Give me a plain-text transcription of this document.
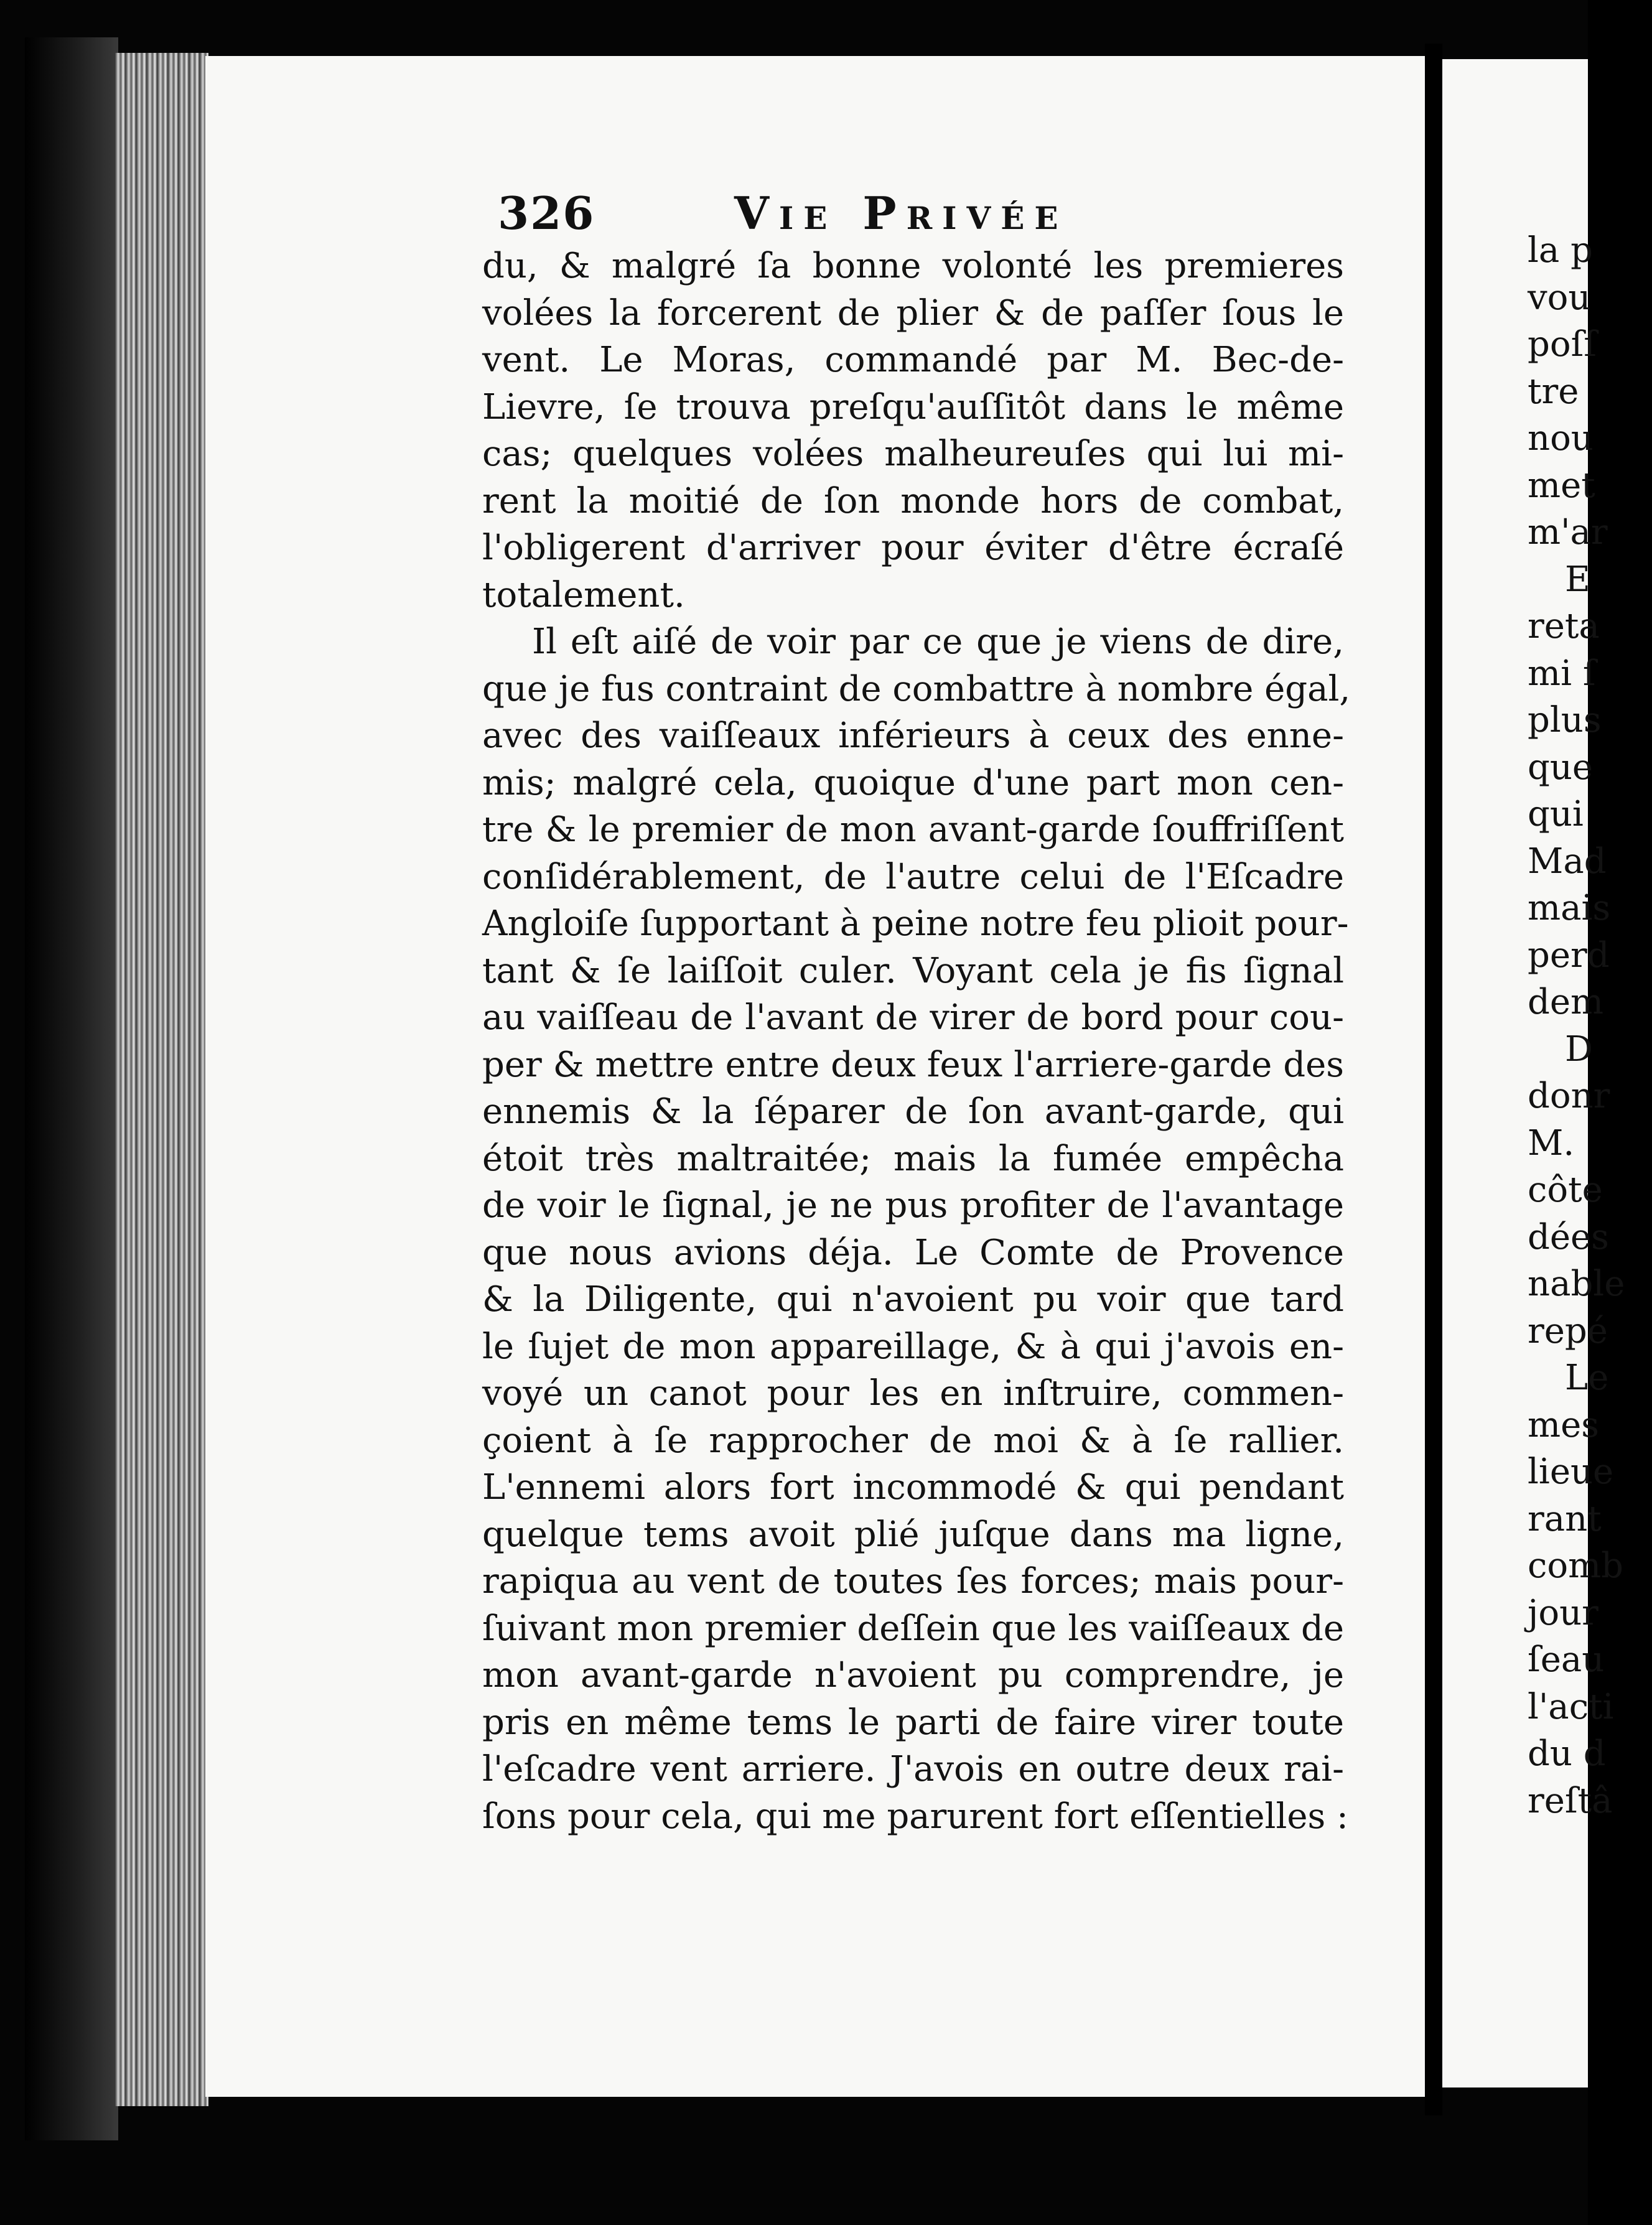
326	Vie Privée
du, & malgré ſa bonne volonté les premieres
volées la forcerent de plier & de paſſer ſous le
vent. Le Moras, commandé par M. Bec-de-
Lievre, ſe trouva preſqu'auſſitôt dans le même
cas; quelques volées malheureuſes qui lui mi-
rent la moitié de ſon monde hors de combat,
l'obligerent d'arriver pour éviter d'être écraſé
totalement.
Il eſt aiſé de voir par ce que je viens de dire,
que je fus contraint de combattre à nombre égal,
avec des vaiſſeaux inférieurs à ceux des enne-
mis; malgré cela, quoique d'une part mon cen-
tre & le premier de mon avant-garde ſouffriſſent
conſidérablement, de l'autre celui de l'Eſcadre
Angloiſe ſupportant à peine notre feu plioit pour-
tant & ſe laiſſoit culer. Voyant cela je fis ſignal
au vaiſſeau de l'avant de virer de bord pour cou-
per & mettre entre deux feux l'arriere-garde des
ennemis & la ſéparer de ſon avant-garde, qui
étoit très maltraitée; mais la fumée empêcha
de voir le ſignal, je ne pus profiter de l'avantage
que nous avions déja. Le Comte de Provence
& la Diligente, qui n'avoient pu voir que tard
le ſujet de mon appareillage, & à qui j'avois en-
voyé un canot pour les en inſtruire, commen-
çoient à ſe rapprocher de moi & à ſe rallier.
L'ennemi alors fort incommodé & qui pendant
quelque tems avoit plié juſque dans ma ligne,
rapiqua au vent de toutes ſes forces; mais pour-
ſuivant mon premier deſſein que les vaiſſeaux de
mon avant-garde n'avoient pu comprendre, je
pris en même tems le parti de faire virer toute
l'eſcadre vent arriere. J'avois en outre deux rai-
ſons pour cela, qui me parurent fort eſſentielles :
la p
vou
poſſ
tre
nou
met
m'ar
E
reta
mi ſ
plus
que
qui
Mad
mais
perd
dem
D
donr
M.
côte
dées
nable
repé
Le
mes
lieue
rant
comb
jour
ſeau
l'acti
du d
reſtâ
